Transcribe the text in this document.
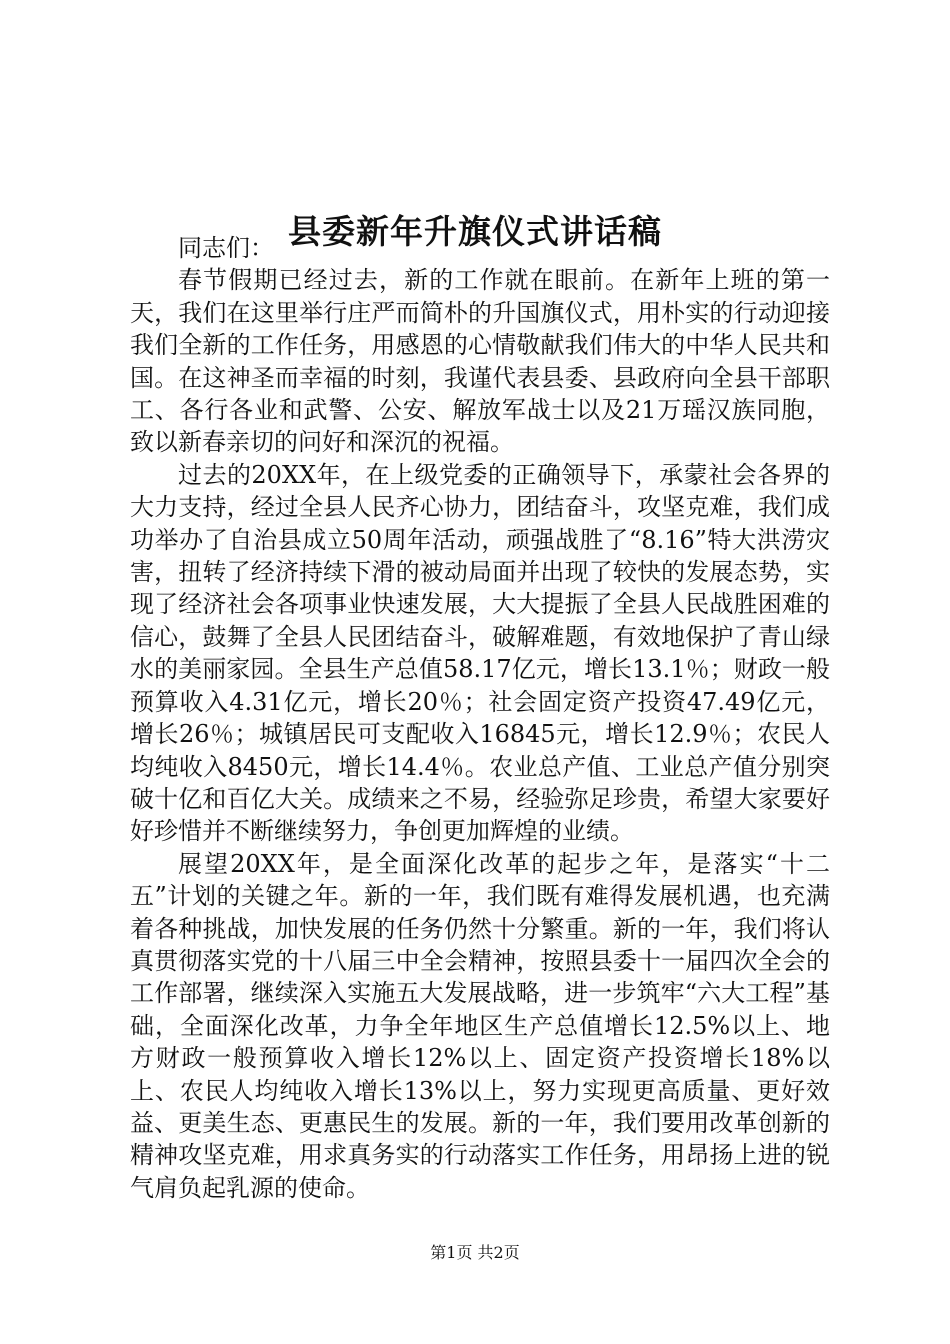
县委新年升旗仪式讲话稿

同志们：

春节假期已经过去，新的工作就在眼前。在新年上班的第一天，我们在这里举行庄严而简朴的升国旗仪式，用朴实的行动迎接我们全新的工作任务，用感恩的心情敬献我们伟大的中华人民共和国。在这神圣而幸福的时刻，我谨代表县委、县政府向全县干部职工、各行各业和武警、公安、解放军战士以及21万瑶汉族同胞，致以新春亲切的问好和深沉的祝福。

过去的20XX年，在上级党委的正确领导下，承蒙社会各界的大力支持，经过全县人民齐心协力，团结奋斗，攻坚克难，我们成功举办了自治县成立50周年活动，顽强战胜了“8.16”特大洪涝灾害，扭转了经济持续下滑的被动局面并出现了较快的发展态势，实现了经济社会各项事业快速发展，大大提振了全县人民战胜困难的信心，鼓舞了全县人民团结奋斗，破解难题，有效地保护了青山绿水的美丽家园。全县生产总值58.17亿元，增长13.1％；财政一般预算收入4.31亿元，增长20％；社会固定资产投资47.49亿元，增长26％；城镇居民可支配收入16845元，增长12.9％；农民人均纯收入8450元，增长14.4％。农业总产值、工业总产值分别突破十亿和百亿大关。成绩来之不易，经验弥足珍贵，希望大家要好好珍惜并不断继续努力，争创更加辉煌的业绩。

展望20XX年，是全面深化改革的起步之年，是落实“十二五”计划的关键之年。新的一年，我们既有难得发展机遇，也充满着各种挑战，加快发展的任务仍然十分繁重。新的一年，我们将认真贯彻落实党的十八届三中全会精神，按照县委十一届四次全会的工作部署，继续深入实施五大发展战略，进一步筑牢“六大工程”基础，全面深化改革，力争全年地区生产总值增长12.5%以上、地方财政一般预算收入增长12%以上、固定资产投资增长18%以上、农民人均纯收入增长13%以上，努力实现更高质量、更好效益、更美生态、更惠民生的发展。新的一年，我们要用改革创新的精神攻坚克难，用求真务实的行动落实工作任务，用昂扬上进的锐气肩负起乳源的使命。

第1页 共2页
